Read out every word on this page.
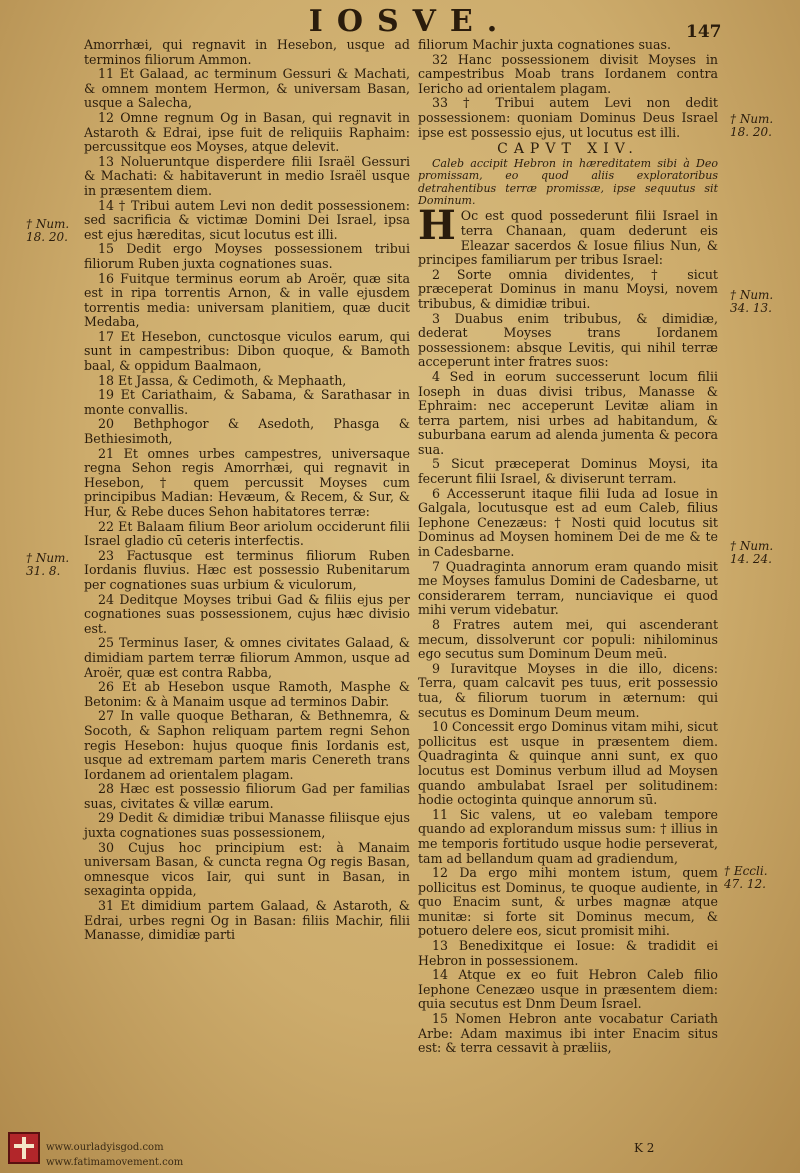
IOSVE.	147

Amorrhæi, qui regnavit in Hesebon, usque ad terminos filiorum Ammon.

11 Et Galaad, ac terminum Gessuri & Machati, & omnem montem Hermon, & universam Basan, usque a Salecha,

12 Omne regnum Og in Basan, qui regnavit in Astaroth & Edrai, ipse fuit de reliquiis Raphaim: percussitque eos Moyses, atque delevit.

13 Nolueruntque disperdere filii Israël Gessuri & Machati: & habitaverunt in medio Israël usque in præsentem diem.

14 † Tribui autem Levi non dedit possessionem: sed sacrificia & victimæ Domini Dei Israel, ipsa est ejus hæreditas, sicut locutus est illi.

15 Dedit ergo Moyses possessionem tribui filiorum Ruben juxta cognationes suas.

16 Fuitque terminus eorum ab Aroër, quæ sita est in ripa torrentis Arnon, & in valle ejusdem torrentis media: universam planitiem, quæ ducit Medaba,

17 Et Hesebon, cunctosque viculos earum, qui sunt in campestribus: Dibon quoque, & Bamoth baal, & oppidum Baalmaon,

18 Et Jassa, & Cedimoth, & Mephaath,

19 Et Cariathaim, & Sabama, & Sarathasar in monte convallis.

20 Bethphogor & Asedoth, Phasga & Bethiesimoth,

21 Et omnes urbes campestres, universaque regna Sehon regis Amorrhæi, qui regnavit in Hesebon, † quem percussit Moyses cum principibus Madian: Hevæum, & Recem, & Sur, & Hur, & Rebe duces Sehon habitatores terræ:

22 Et Balaam filium Beor ariolum occiderunt filii Israel gladio cū ceteris interfectis.

23 Factusque est terminus filiorum Ruben Iordanis fluvius. Hæc est possessio Rubenitarum per cognationes suas urbium & viculorum,

24 Deditque Moyses tribui Gad & filiis ejus per cognationes suas possessionem, cujus hæc divisio est.

25 Terminus Iaser, & omnes civitates Galaad, & dimidiam partem terræ filiorum Ammon, usque ad Aroër, quæ est contra Rabba,

26 Et ab Hesebon usque Ramoth, Masphe & Betonim: & à Manaim usque ad terminos Dabir.

27 In valle quoque Betharan, & Bethnemra, & Socoth, & Saphon reliquam partem regni Sehon regis Hesebon: hujus quoque finis Iordanis est, usque ad extremam partem maris Cenereth trans Iordanem ad orientalem plagam.

28 Hæc est possessio filiorum Gad per familias suas, civitates & villæ earum.

29 Dedit & dimidiæ tribui Manasse filiisque ejus juxta cognationes suas possessionem,

30 Cujus hoc principium est: à Manaim universam Basan, & cuncta regna Og regis Basan, omnesque vicos Iair, qui sunt in Basan, in sexaginta oppida,

31 Et dimidium partem Galaad, & Astaroth, & Edrai, urbes regni Og in Basan: filiis Machir, filii Manasse, dimidiæ parti

filiorum Machir juxta cognationes suas.

32 Hanc possessionem divisit Moyses in campestribus Moab trans Iordanem contra Iericho ad orientalem plagam.

33 † Tribui autem Levi non dedit possessionem: quoniam Dominus Deus Israel ipse est possessio ejus, ut locutus est illi.

CAPVT XIV.
Caleb accipit Hebron in hæreditatem sibi à Deo promissam, eo quod aliis exploratoribus detrahentibus terræ promissæ, ipse sequutus sit Dominum.

H Oc est quod possederunt filii Israel in terra Chanaan, quam dederunt eis Eleazar sacerdos & Iosue filius Nun, & principes familiarum per tribus Israel:

2 Sorte omnia dividentes, † sicut præceperat Dominus in manu Moysi, novem tribubus, & dimidiæ tribui.

3 Duabus enim tribubus, & dimidiæ, dederat Moyses trans Iordanem possessionem: absque Levitis, qui nihil terræ acceperunt inter fratres suos:

4 Sed in eorum successerunt locum filii Ioseph in duas divisi tribus, Manasse & Ephraim: nec acceperunt Levitæ aliam in terra partem, nisi urbes ad habitandum, & suburbana earum ad alenda jumenta & pecora sua.

5 Sicut præceperat Dominus Moysi, ita fecerunt filii Israel, & diviserunt terram.

6 Accesserunt itaque filii Iuda ad Iosue in Galgala, locutusque est ad eum Caleb, filius Iephone Cenezæus: † Nosti quid locutus sit Dominus ad Moysen hominem Dei de me & te in Cadesbarne.

7 Quadraginta annorum eram quando misit me Moyses famulus Domini de Cadesbarne, ut considerarem terram, nunciavique ei quod mihi verum videbatur.

8 Fratres autem mei, qui ascenderant mecum, dissolverunt cor populi: nihilominus ego secutus sum Dominum Deum meū.

9 Iuravitque Moyses in die illo, dicens: Terra, quam calcavit pes tuus, erit possessio tua, & filiorum tuorum in æternum: qui secutus es Dominum Deum meum.

10 Concessit ergo Dominus vitam mihi, sicut pollicitus est usque in præsentem diem. Quadraginta & quinque anni sunt, ex quo locutus est Dominus verbum illud ad Moysen quando ambulabat Israel per solitudinem: hodie octoginta quinque annorum sū.

11 Sic valens, ut eo valebam tempore quando ad explorandum missus sum: † illius in me temporis fortitudo usque hodie perseverat, tam ad bellandum quam ad gradiendum,

12 Da ergo mihi montem istum, quem pollicitus est Dominus, te quoque audiente, in quo Enacim sunt, & urbes magnæ atque munitæ: si forte sit Dominus mecum, & potuero delere eos, sicut promisit mihi.

13 Benedixitque ei Iosue: & tradidit ei Hebron in possessionem.

14 Atque ex eo fuit Hebron Caleb filio Iephone Cenezæo usque in præsentem diem: quia secutus est Dnm Deum Israel.

15 Nomen Hebron ante vocabatur Cariath Arbe: Adam maximus ibi inter Enacim situs est: & terra cessavit à præliis,

† Num.
18. 20.
† Num.
31. 8.
† Num.
18. 20.
† Num.
34. 13.
† Num.
14. 24.
† Eccli.
47. 12.
K 2
www.ourladyisgod.com
www.fatimamovement.com
